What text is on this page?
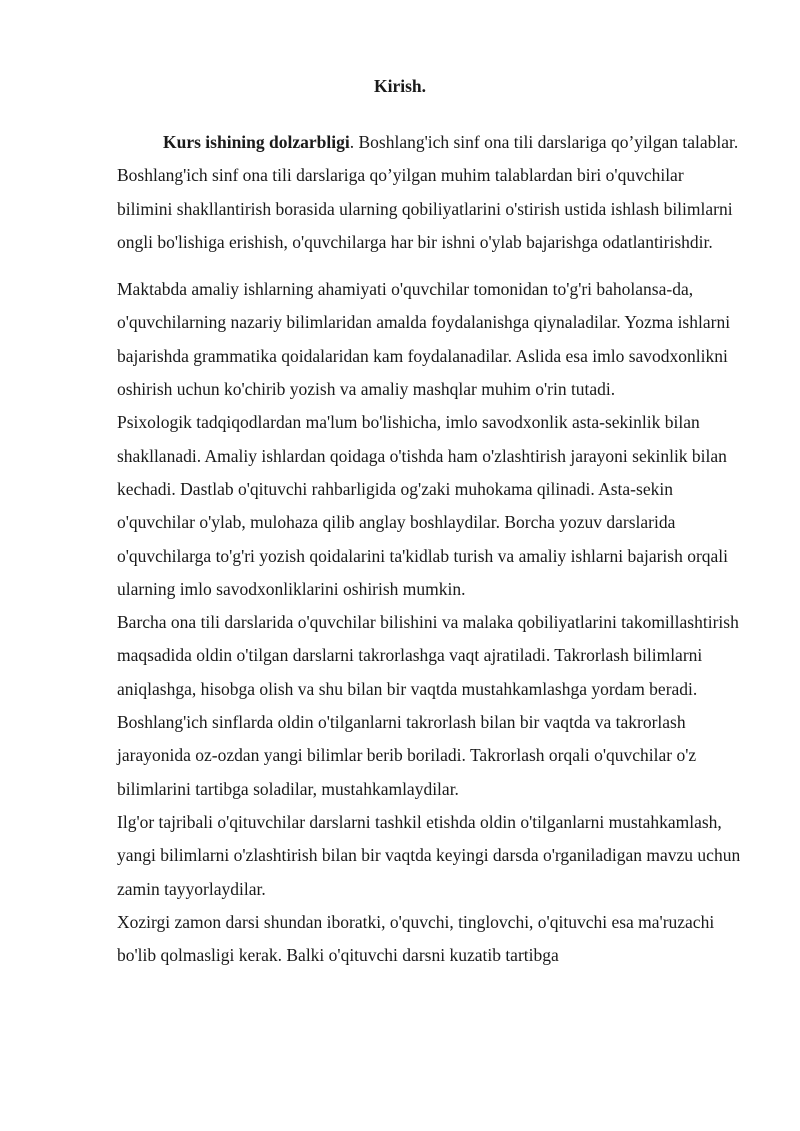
Kirish.

Kurs ishining dolzarbligi. Boshlang'ich sinf ona tili darslariga qo’yilgan talablar. Boshlang'ich sinf ona tili darslariga qo’yilgan muhim talablardan biri o'quvchilar bilimini shakllantirish borasida ularning qobiliyatlarini o'stirish ustida ishlash bilimlarni ongli bo'lishiga erishish, o'quvchilarga har bir ishni o'ylab bajarishga odatlantirishdir.

Maktabda amaliy ishlarning ahamiyati o'quvchilar tomonidan to'g'ri baholansa-da, o'quvchilarning nazariy bilimlaridan amalda foydalanishga qiynaladilar. Yozma ishlarni bajarishda grammatika qoidalaridan kam foydalanadilar. Aslida esa imlo savodxonlikni oshirish uchun ko'chirib yozish va amaliy mashqlar muhim o'rin tutadi.

Psixologik tadqiqodlardan ma'lum bo'lishicha, imlo savodxonlik asta-sekinlik bilan shakllanadi. Amaliy ishlardan qoidaga o'tishda ham o'zlashtirish jarayoni sekinlik bilan kechadi. Dastlab o'qituvchi rahbarligida og'zaki muhokama qilinadi. Asta-sekin o'quvchilar o'ylab, mulohaza qilib anglay boshlaydilar. Borcha yozuv darslarida o'quvchilarga to'g'ri yozish qoidalarini ta'kidlab turish va amaliy ishlarni bajarish orqali ularning imlo savodxonliklarini oshirish mumkin.

Barcha ona tili darslarida o'quvchilar bilishini va malaka qobiliyatlarini takomillashtirish maqsadida oldin o'tilgan darslarni takrorlashga vaqt ajratiladi. Takrorlash bilimlarni aniqlashga, hisobga olish va shu bilan bir vaqtda mustahkamlashga yordam beradi. Boshlang'ich sinflarda oldin o'tilganlarni takrorlash bilan bir vaqtda va takrorlash jarayonida oz-ozdan yangi bilimlar berib boriladi. Takrorlash orqali o'quvchilar o'z bilimlarini tartibga soladilar, mustahkamlaydilar.

Ilg'or tajribali o'qituvchilar darslarni tashkil etishda oldin o'tilganlarni mustahkamlash, yangi bilimlarni o'zlashtirish bilan bir vaqtda keyingi darsda o'rganiladigan mavzu uchun zamin tayyorlaydilar.

Xozirgi zamon darsi shundan iboratki, o'quvchi, tinglovchi, o'qituvchi esa ma'ruzachi bo'lib qolmasligi kerak. Balki o'qituvchi darsni kuzatib tartibga
